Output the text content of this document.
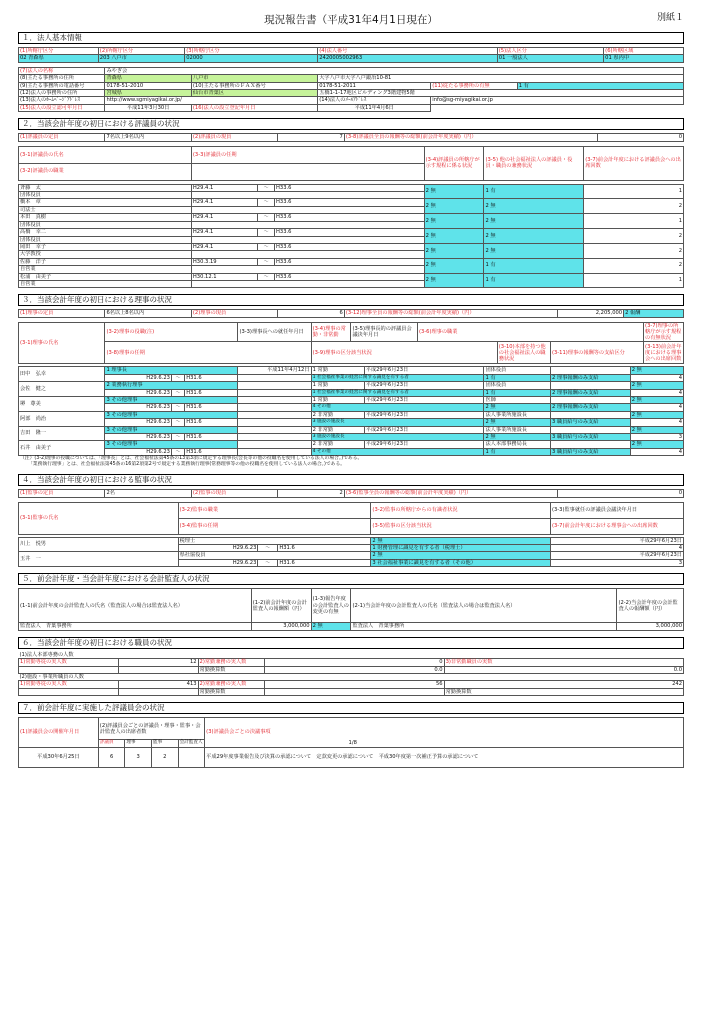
現況報告書（平成31年4月1日現在）	別紙１
１．法人基本情報
(1)所轄庁区分	(2)所轄庁区分	(3)所轄庁区分	(4)法人番号	(5)法人区分	(6)所轄区域
02 青森県	203 八戸市	02000	2420005002963	01 一般法人	01 県内中
(7)法人の名称	みやぎ会				
(8)主たる事務所の住所	青森県	八戸市	大字八戸市大字八戸鍛冶10-81		
(9)主たる事務所の電話番号	0178-51-2010	(10)主たる事務所のＦＡＸ番号	0178-51-2011	(11)従たる事務所の有無	1 有
(12)法人の事務所の住所	宮城県	仙台市青葉区	五橋1-1-17地区ビルディング3階建物5階		
(13)法人のﾎｰﾑﾍﾟｰｼﾞｱﾄﾞﾚｽ	http://www.sgmiyagikai.or.jp/		(14)法人のﾒｰﾙｱﾄﾞﾚｽ	info@sg-miyagikai.or.jp	
(15)法人の設立認可年月日	平成11年3月30日	(16)法人の設立登記年月日	平成11年4月6日		
２．当該会計年度の初日における評議員の状況
(1)評議員の定員	7名以上9名以内	(2)評議員の現員	7	(3-8)評議員全員の報酬等の総額(前会計年度実績)（円）	0
(3-1)評議員の氏名	(3-3)評議員の任期	(3-4)評議員の所轄庁が示す規程に係る状況	(3-5) 他の社会福祉法人の評議員・役員・職員の兼務状況	(3-7)前会計年度における評議員会への出席回数
(3-2)評議員の職業				
斉藤　太	H29.4.1	～	H33.6	2 無	1 有	1
団体役員						
橋本　章	H29.4.1	～	H33.6	2 無	2 無	2
司法士						
本田　真樹	H29.4.1	～	H33.6	2 無	2 無	1
団体役員						
高橋　幸二	H29.4.1	～	H33.6	2 無	2 無	2
団体役員						
岡田　幸子	H29.4.1	～	H33.6	2 無	2 無	2
大学教授						
佐藤　洋子	H30.3.19	～	H33.6	2 無	1 有	2
自営業						
松浦　由美子	H30.12.1	～	H33.6	2 無	1 有	1
自営業						
３．当該会計年度の初日における理事の状況
(1)理事の定員	6名以上8名以内	(2)理事の現員	6	(3-12)理事全員の報酬等の総額(前会計年度実績)（円）	2,205,000	2 報酬
(3-1)理事の氏名	(3-2)理事の役職(注)	(3-3)理事長への就任年月日	(3-4)理事の常勤・非常勤	(3-5)理事長的の評議員会議決年月日	(3-6)理事の職業			(3-7)理事の所轄庁が示す規程の有無状況
	(3-8)理事の任期		(3-9)理事の区分該当状況			(3-10)本部を持つ他の社会福祉法人の職務状況	(3-11)理事の報酬等の支給区分	(3-13)前会計年度における理事会への出席回数

田中　弘幸	1 理事長			平成11年4月12日	1 常勤	平成29年6月23日	団体役員		2 無
	H29.6.23	～	H31.6		1 社会福祉事業の経営に関する識見を有する者		1 有	2 理事報酬のみ支給	4
会佐　健之	2 業務執行理事				1 常勤	平成29年6月23日	団体役員		2 無
	H29.6.23	～	H31.6		1 社会福祉事業の経営に関する識見を有する者		1 有	2 理事報酬のみ支給	4
堺　尊美	3 その他理事				1 常勤	平成29年6月23日	医師		2 無
	H29.6.23	～	H31.6		4 その他		2 無	2 理事報酬のみ支給	4
阿部　尚治	3 その他理事				2 非常勤	平成29年6月23日	法人事業所施設長		2 無
	H29.6.23	～	H31.6		3 施設の施設長		2 無	3 職員給与のみ支給	4
吉田　隆一	3 その他理事				2 非常勤	平成29年6月23日	法人事業所施設長		2 無
	H29.6.23	～	H31.6		3 施設の施設長		2 無	3 職員給与のみ支給	3
石井　由美子	3 その他理事				2 非常勤	平成29年6月23日	法人本部事務局長		2 無
	H29.6.23	～	H31.6		4 その他		1 有	3 職員給与のみ支給	4
（注）(3-2)理事の役職については、「理事長」とは、社会福祉法第45条の13第3項に規定する理事長(会長等の他の役職名を使用している法人の場合。)である。
「業務執行理事」とは、社会福祉法第45条の16第2項第2号で規定する業務執行理事(常務理事等の他の役職名を使用している法人の場合。)である。
４．当該会計年度の初日における監事の状況
(1)監事の定員	2名	(2)監事の現員	2	(3-6)監事全員の報酬等の総額(前会計年度実績)（円）	0
(3-1)監事の氏名	(3-2)監事の職業	(3-2)監事の所轄庁からの有識者状況	(3-3)監事就任の評議員会議決年月日
	(3-4)監事の任期	(3-5)監事の区分該当状況	(3-7)前会計年度における理事会への出席回数
川上　悦男	税理士			2 無	平成29年6月23日
	H29.6.23	～	H31.6	1 財務管理に識見を有する者（税理士）	4
玉井　一	県社協役員			2 無	平成29年6月23日
	H29.6.23	～	H31.6	3 社会福祉事業に識見を有する者（その他）	3
５．前会計年度・当会計年度における会計監査人の状況
(1-1)前会計年度の会計監査人の氏名（監査法人の場合は監査法人名）	(1-2)前会計年度の会計監査人の報酬額（円）	(1-3)報告年度の会計監査人の変更の有無	(2-1)当会計年度の会計監査人の氏名（監査法人の場合は監査法人名）	(2-2)当会計年度の会計監査人の報酬額（円）
監査法人　青葉事務所	3,000,000	2 無	監査法人　青葉事務所	3,000,000
６．当該会計年度の初日における職員の状況
(1)法人本部専務の人数				
1)常勤専従の実人数	12	2)常勤兼務の実人数	0	3)非常勤職員の実数
		常勤換算数	0.0	0.0
(2)施設・事業所職員の人数				
1)常勤専従の実人数	413	2)常勤兼務の実人数	56	242
		常勤換算数		常勤換算数
７．前会計年度に実施した評議員会の状況
(1)評議員会の開催年月日	(2)評議員会ごとの評議員・理事・監事・会計監査人の出席者数				(3)評議員会ごとの決議事項
	評議員	理事	監事	会計監査人	
平成30年6月25日	6	3	2		1/8
平成29年度事業報告及び決算の承認について　定款変更の承認について　平成30年度第一次補正予算の承認について
